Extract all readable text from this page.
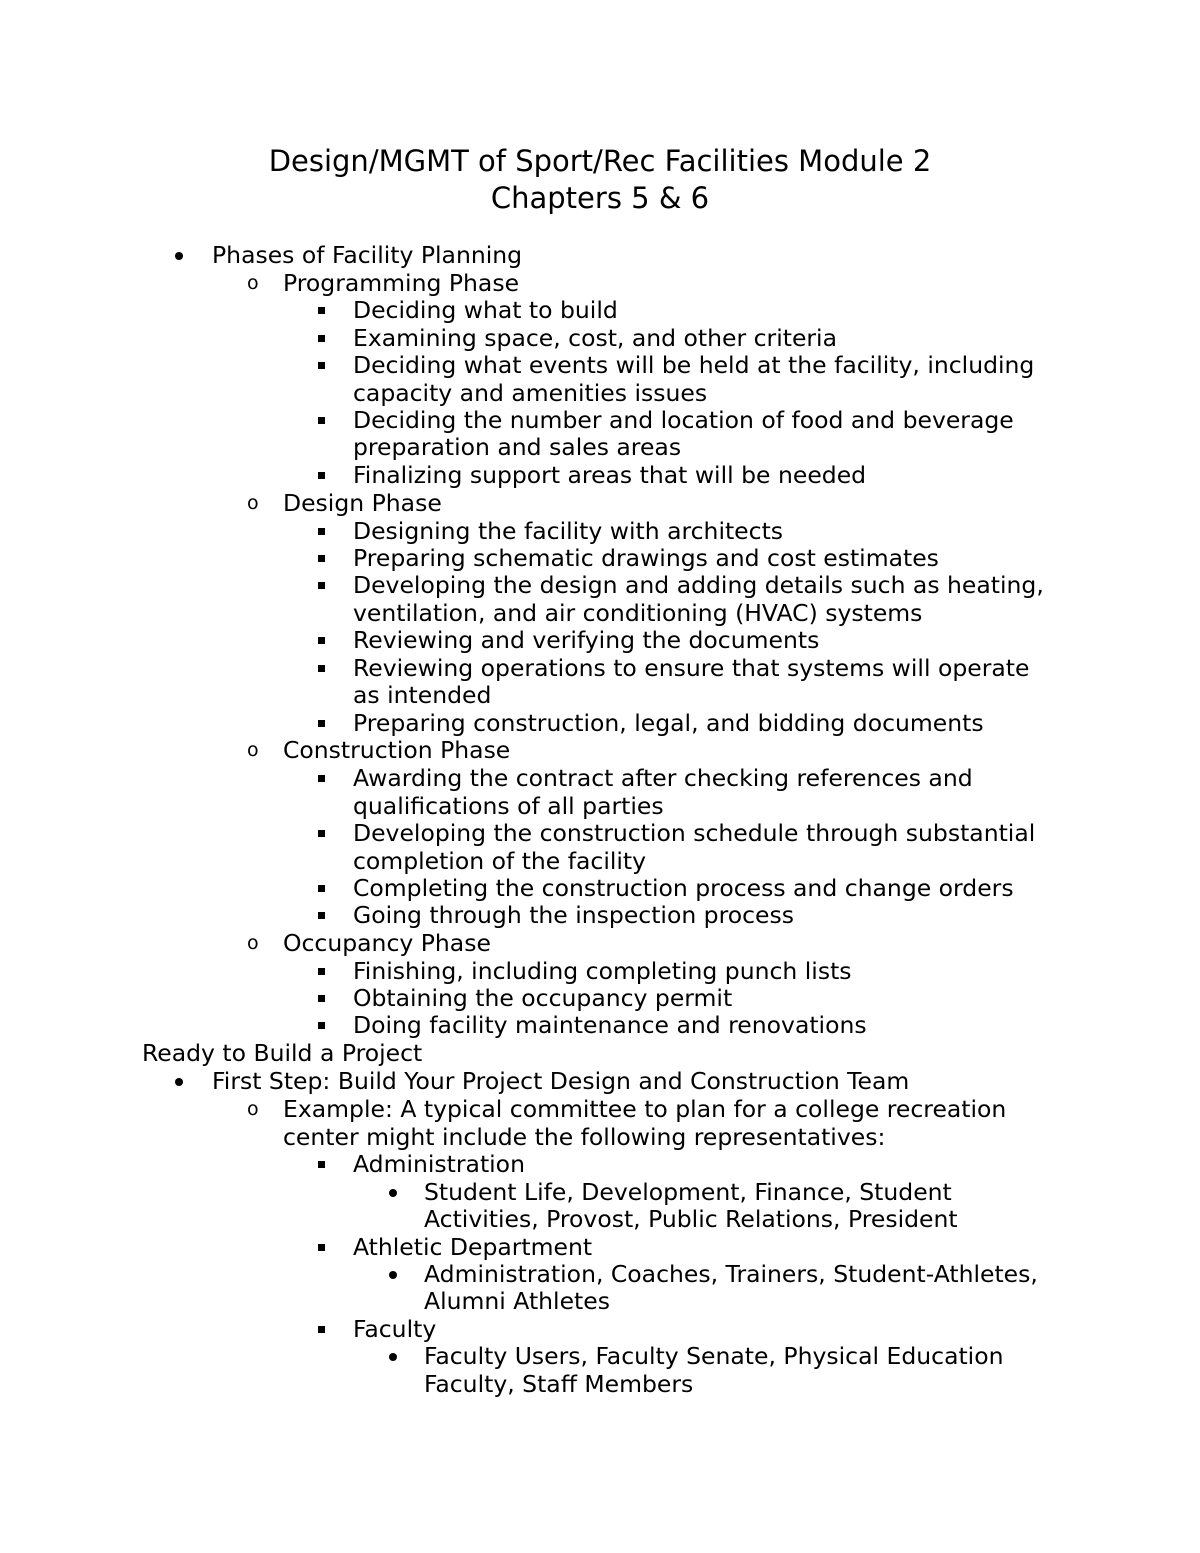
Design/MGMT of Sport/Rec Facilities Module 2
Chapters 5 & 6
Phases of Facility Planning
o Programming Phase
Deciding what to build
Examining space, cost, and other criteria
Deciding what events will be held at the facility, including
capacity and amenities issues
Deciding the number and location of food and beverage
preparation and sales areas
Finalizing support areas that will be needed
o Design Phase
Designing the facility with architects
Preparing schematic drawings and cost estimates
Developing the design and adding details such as heating,
ventilation, and air conditioning (HVAC) systems
Reviewing and verifying the documents
Reviewing operations to ensure that systems will operate
as intended
Preparing construction, legal, and bidding documents
o Construction Phase
Awarding the contract after checking references and
qualifications of all parties
Developing the construction schedule through substantial
completion of the facility
Completing the construction process and change orders
Going through the inspection process
o Occupancy Phase
Finishing, including completing punch lists
Obtaining the occupancy permit
Doing facility maintenance and renovations
Ready to Build a Project
First Step: Build Your Project Design and Construction Team
o Example: A typical committee to plan for a college recreation
center might include the following representatives:
Administration
Student Life, Development, Finance, Student
Activities, Provost, Public Relations, President
Athletic Department
Administration, Coaches, Trainers, Student-Athletes,
Alumni Athletes
Faculty
Faculty Users, Faculty Senate, Physical Education
Faculty, Staff Members
